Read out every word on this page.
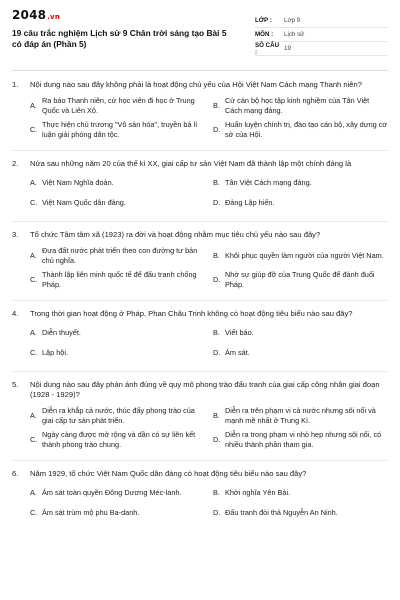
2048.vn
19 câu trắc nghiệm Lịch sử 9 Chân trời sáng tạo Bài 5 có đáp án (Phần 5)
LỚP :	Lớp 9
MÔN :	Lịch sử
SỐ CÂU :	19
1.	Nội dung nào sau đây không phải là hoạt động chủ yếu của Hội Việt Nam Cách mạng Thanh niên?
A.
Ra báo Thanh niên, cử học viên đi học ở Trung Quốc và Liên Xô.
B.
Cử cán bộ học tập kinh nghiệm của Tân Việt Cách mạng đảng.
C.
Thực hiện chủ trương "Vô sản hóa", truyền bá lí luận giải phóng dân tộc.
D.
Huấn luyện chính trị, đào tạo cán bộ, xây dựng cơ sở của Hội.
2.	Nửa sau những năm 20 của thế kỉ XX, giai cấp tư sản Việt Nam đã thành lập một chính đảng là
A. Việt Nam Nghĩa đoàn.	B. Tân Việt Cách mạng đảng.
C. Việt Nam Quốc dân đảng.	D. Đảng Lập hiến.
3.	Tổ chức Tâm tâm xã (1923) ra đời và hoạt động nhằm mục tiêu chủ yếu nào sau đây?
A.
Đưa đất nước phát triển theo con đường tư bản chủ nghĩa.
B. Khôi phục quyền làm người của người Việt Nam.
C.
Thành lập liên minh quốc tế để đấu tranh chống Pháp.
D.
Nhờ sự giúp đỡ của Trung Quốc để đánh đuổi Pháp.
4.	Trong thời gian hoạt động ở Pháp, Phan Châu Trinh không có hoạt động tiêu biểu nào sau đây?
A. Diễn thuyết.	B. Viết báo.
C. Lập hội.	D. Ám sát.
5.	Nội dung nào sau đây phản ánh đúng về quy mô phong trào đấu tranh của giai cấp công nhân giai đoạn (1928 - 1929)?
A.
Diễn ra khắp cả nước, thúc đẩy phong trào của giai cấp tư sản phát triển.
B.
Diễn ra trên phạm vi cả nước nhưng sôi nổi và mạnh mẽ nhất ở Trung Kì.
C.
Ngày càng được mở rộng và dần có sự liên kết thành phong trào chung.
D.
Diễn ra trong phạm vi nhỏ hẹp nhưng sôi nổi, có nhiều thành phần tham gia.
6.	Năm 1929, tổ chức Việt Nam Quốc dân đảng có hoạt động tiêu biểu nào sau đây?
A. Ám sát toàn quyền Đông Dương Méc-lanh.	B. Khởi nghĩa Yên Bái.
C. Ám sát trùm mộ phu Ba-danh.	D. Đấu tranh đòi thả Nguyễn An Ninh.
